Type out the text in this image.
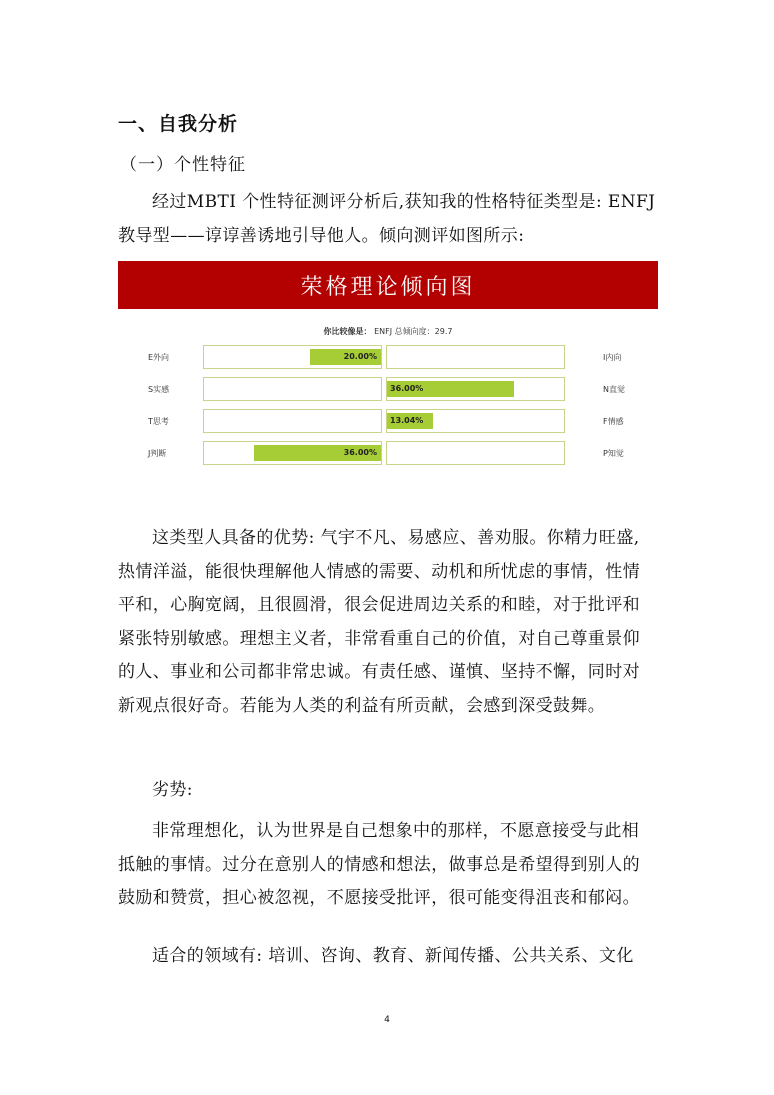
一、自我分析
（一）个性特征
经过MBTI 个性特征测评分析后,获知我的性格特征类型是: ENFJ
教导型——谆谆善诱地引导他人。倾向测评如图所示:
荣格理论倾向图
你比较像是： ENFJ 总倾向度：29.7
E外向	20.00%	I内向
S实感	36.00%	N直觉
T思考	13.04%	F情感
J判断	36.00%	P知觉
这类型人具备的优势: 气宇不凡、易感应、善劝服。你精力旺盛,
热情洋溢，能很快理解他人情感的需要、动机和所忧虑的事情，性情
平和，心胸宽阔，且很圆滑，很会促进周边关系的和睦，对于批评和
紧张特别敏感。理想主义者，非常看重自己的价值，对自己尊重景仰
的人、事业和公司都非常忠诚。有责任感、谨慎、坚持不懈，同时对
新观点很好奇。若能为人类的利益有所贡献，会感到深受鼓舞。
劣势:
非常理想化，认为世界是自己想象中的那样，不愿意接受与此相
抵触的事情。过分在意别人的情感和想法，做事总是希望得到别人的
鼓励和赞赏，担心被忽视，不愿接受批评，很可能变得沮丧和郁闷。
适合的领域有: 培训、咨询、教育、新闻传播、公共关系、文化
4
